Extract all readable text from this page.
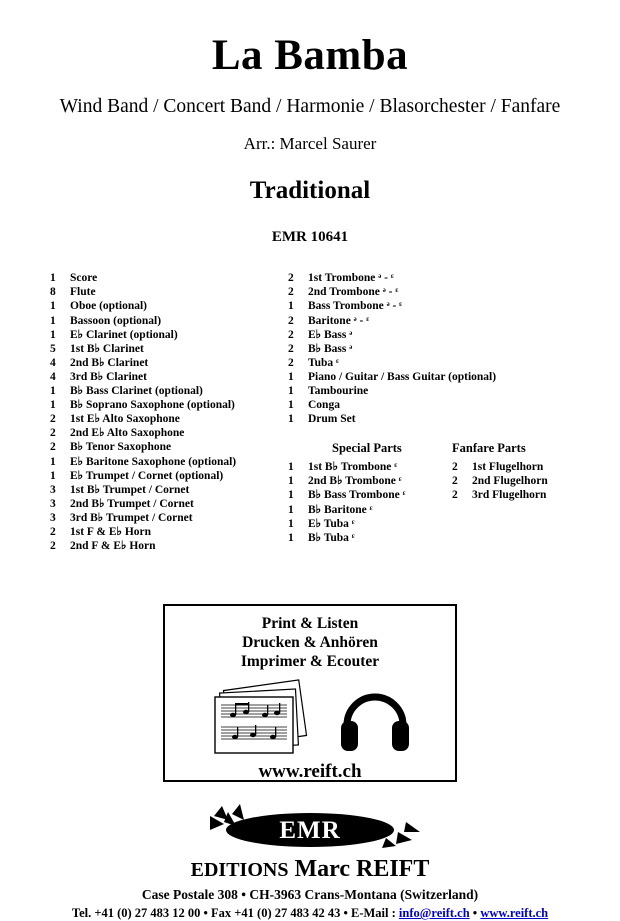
La Bamba
Wind Band / Concert Band / Harmonie / Blasorchester / Fanfare
Arr.: Marcel Saurer
Traditional
EMR 10641
1	Score
8	Flute
1	Oboe (optional)
1	Bassoon (optional)
1	E♭ Clarinet (optional)
5	1st B♭ Clarinet
4	2nd B♭ Clarinet
4	3rd B♭ Clarinet
1	B♭ Bass Clarinet (optional)
1	B♭ Soprano Saxophone (optional)
2	1st E♭ Alto Saxophone
2	2nd E♭ Alto Saxophone
2	B♭ Tenor Saxophone
1	E♭ Baritone Saxophone (optional)
1	E♭ Trumpet / Cornet (optional)
3	1st B♭ Trumpet / Cornet
3	2nd B♭ Trumpet / Cornet
3	3rd B♭ Trumpet / Cornet
2	1st F & E♭ Horn
2	2nd F & E♭ Horn
2	1st Trombone ᵊ - ᵋ
2	2nd Trombone ᵊ - ᵋ
1	Bass Trombone ᵊ - ᵋ
2	Baritone ᵊ - ᵋ
2	E♭ Bass ᵊ
2	B♭ Bass ᵊ
2	Tuba ᵋ
1	Piano / Guitar / Bass Guitar (optional)
1	Tambourine
1	Conga
1	Drum Set
Special Parts
1	1st B♭ Trombone ᵋ
1	2nd B♭ Trombone ᵋ
1	B♭ Bass Trombone ᵋ
1	B♭ Baritone ᵋ
1	E♭ Tuba ᵋ
1	B♭ Tuba ᵋ
Fanfare Parts
2	1st Flugelhorn
2	2nd Flugelhorn
2	3rd Flugelhorn
Print & Listen
Drucken & Anhören
Imprimer & Ecouter
www.reift.ch
EMR
EDITIONS Marc REIFT
Case Postale 308 • CH-3963 Crans-Montana (Switzerland)
Tel. +41 (0) 27 483 12 00 • Fax +41 (0) 27 483 42 43 • E-Mail : info@reift.ch • www.reift.ch
